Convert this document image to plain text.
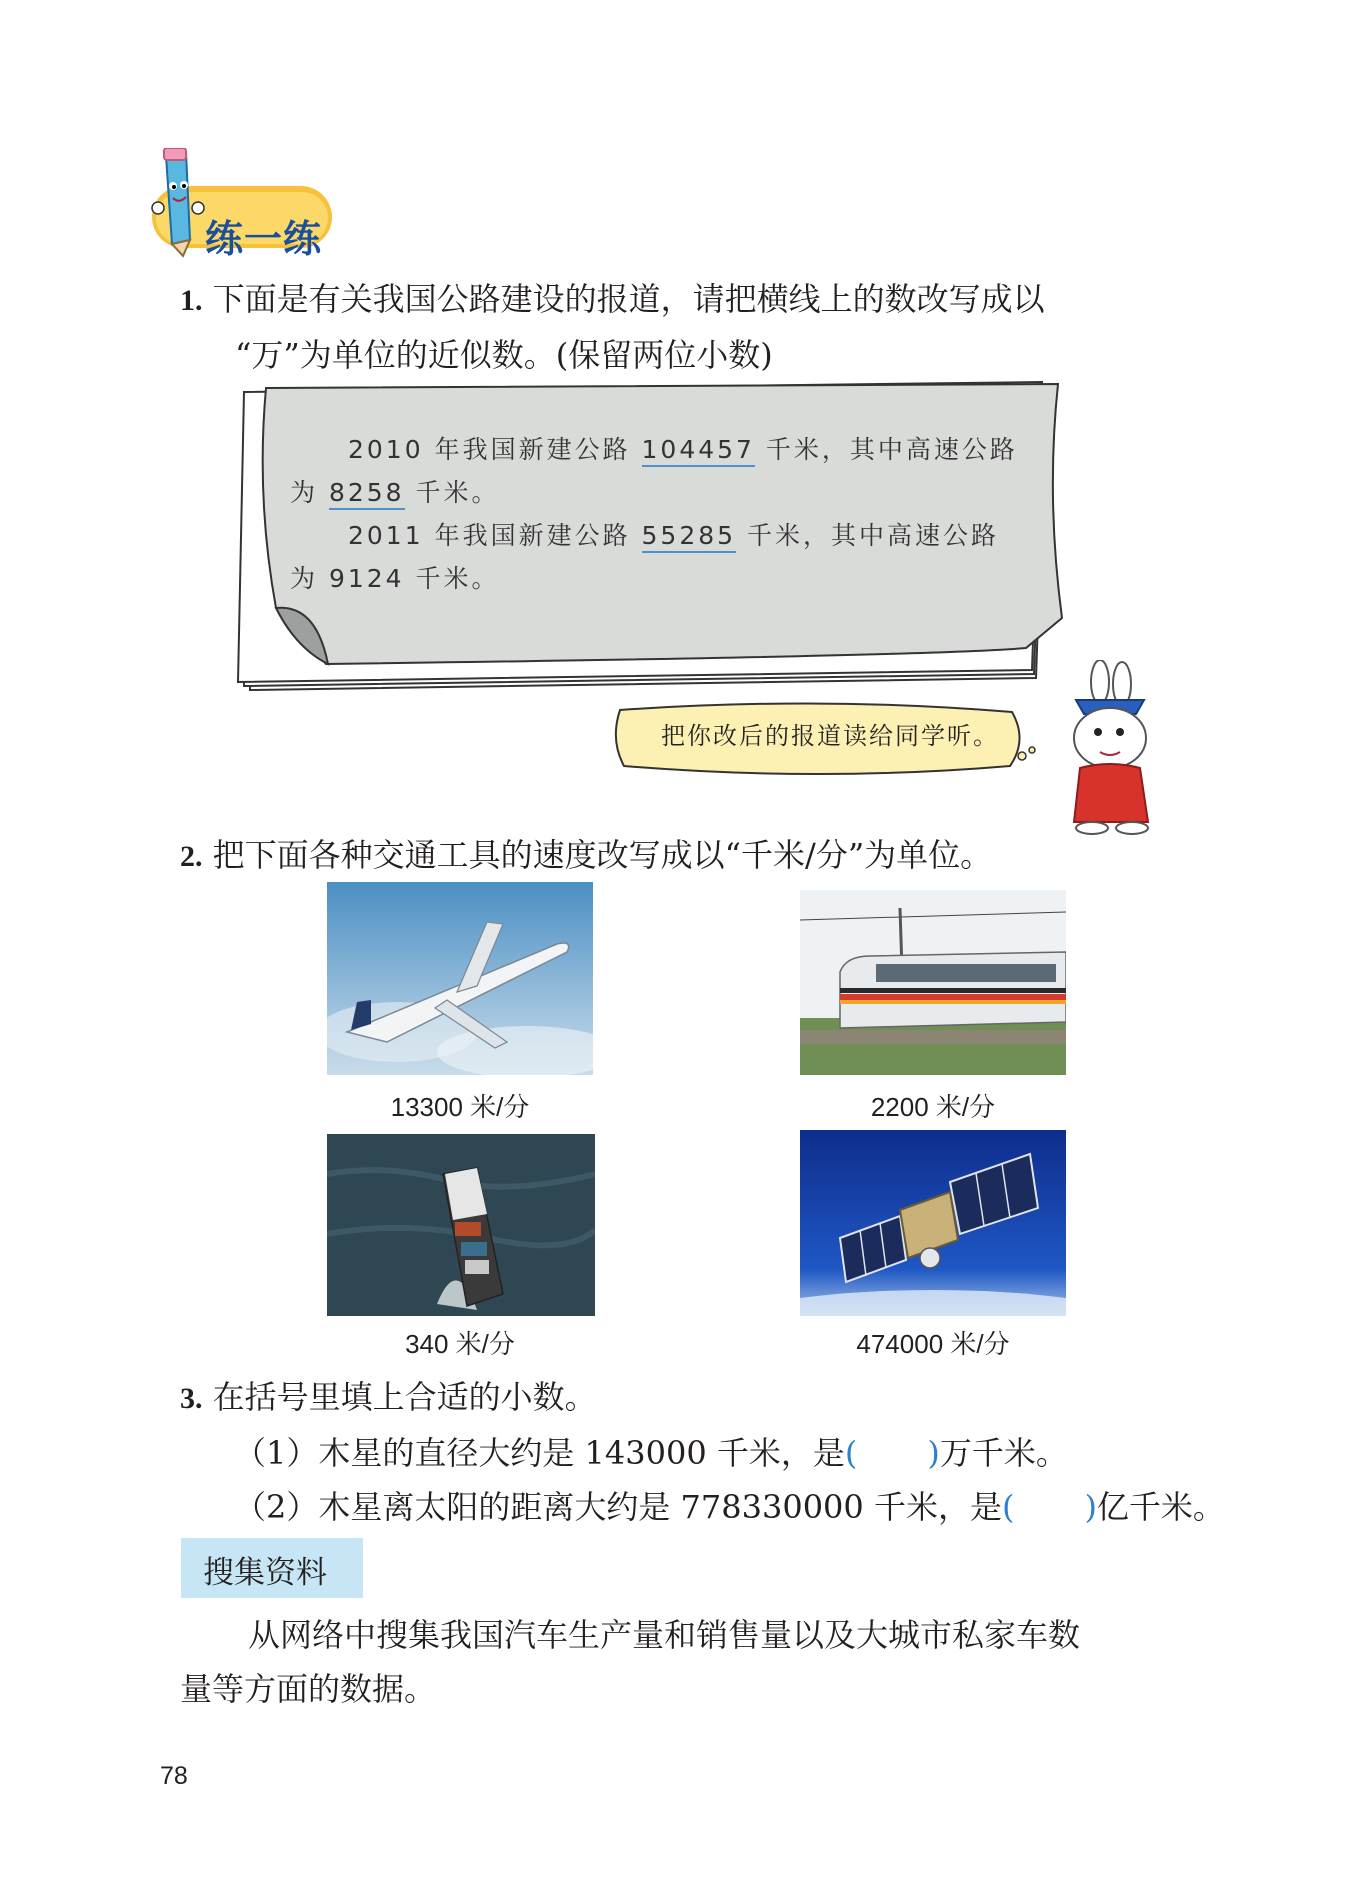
练一练
1. 下面是有关我国公路建设的报道，请把横线上的数改写成以
“万”为单位的近似数。(保留两位小数)
2010 年我国新建公路 104457 千米，其中高速公路
为 8258 千米。
2011 年我国新建公路 55285 千米，其中高速公路
为 9124 千米。
把你改后的报道读给同学听。
2. 把下面各种交通工具的速度改写成以“千米/分”为单位。
13300 米/分	2200 米/分
340 米/分	474000 米/分
3. 在括号里填上合适的小数。
（1）木星的直径大约是 143000 千米，是( )万千米。
（2）木星离太阳的距离大约是 778330000 千米，是( )亿千米。
搜集资料
从网络中搜集我国汽车生产量和销售量以及大城市私家车数
量等方面的数据。
78
